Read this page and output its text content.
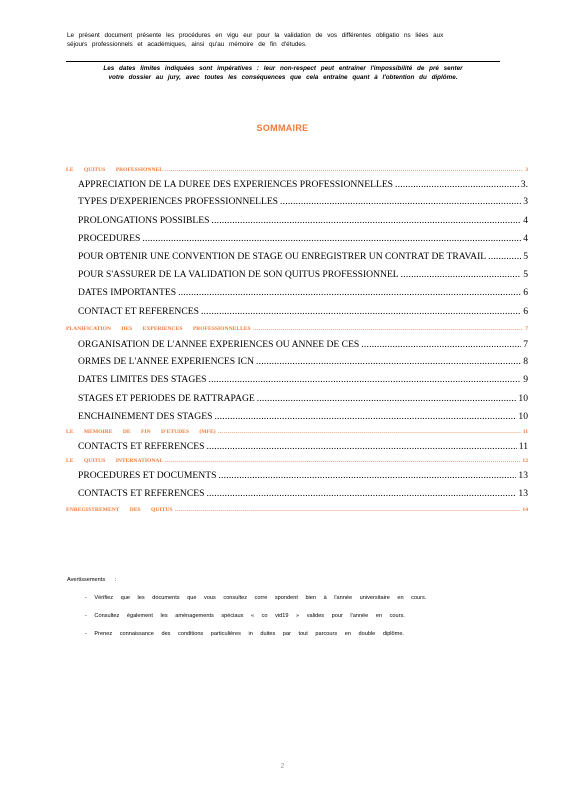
Le présent document présente les procédures en vigu eur pour la validation de vos différentes obligatio ns liées aux

séjours professionnels et académiques, ainsi qu'au mémoire de fin d'études.

Les dates limites indiquées sont impératives : leur non-respect peut entraîner l'impossibilité de pré senter
votre dossier au jury, avec toutes les conséquences que cela entraîne quant à l'obtention du diplôme.
SOMMAIRE
LE QUITUS PROFESSIONNEL .....	3
APPRECIATION DE LA DUREE DES EXPERIENCES PROFESSIONNELLES .....	3.
TYPES D'EXPERIENCES PROFESSIONNELLES .....	3
PROLONGATIONS POSSIBLES .....	4
PROCEDURES .....	4
POUR OBTENIR UNE CONVENTION DE STAGE OU ENREGISTRER UN CONTRAT DE TRAVAIL .....	5
POUR S'ASSURER DE LA VALIDATION DE SON QUITUS PROFESSIONNEL .....	5
DATES IMPORTANTES .....	6
CONTACT ET REFERENCES .....	6
PLANIFICATION DES EXPERIENCES PROFESSIONNELLES .....	7
ORGANISATION DE L'ANNEE EXPERIENCES OU ANNEE DE CES .....	7
ORMES DE L'ANNEE EXPERIENCES ICN .....	8
DATES LIMITES DES STAGES .....	9
STAGES ET PERIODES DE RATTRAPAGE .....	10
ENCHAINEMENT DES STAGES .....	10
LE MEMOIRE DE FIN D'ETUDES (MFE) .....	11
CONTACTS ET REFERENCES .....	11
LE QUITUS INTERNATIONAL .....	12
PROCEDURES ET DOCUMENTS .....	13
CONTACTS ET REFERENCES .....	13
ENREGISTREMENT DES QUITUS .....	14
Avertissements :
- Vérifiez que les documents que vous consultez corre spondent bien à l'année universitaire en cours.
- Consultez également les aménagements spéciaux « co vid19 » valides pour l'année en cours.
- Prenez connaissance des conditions particulières in duites par tout parcours en double diplôme.
2
